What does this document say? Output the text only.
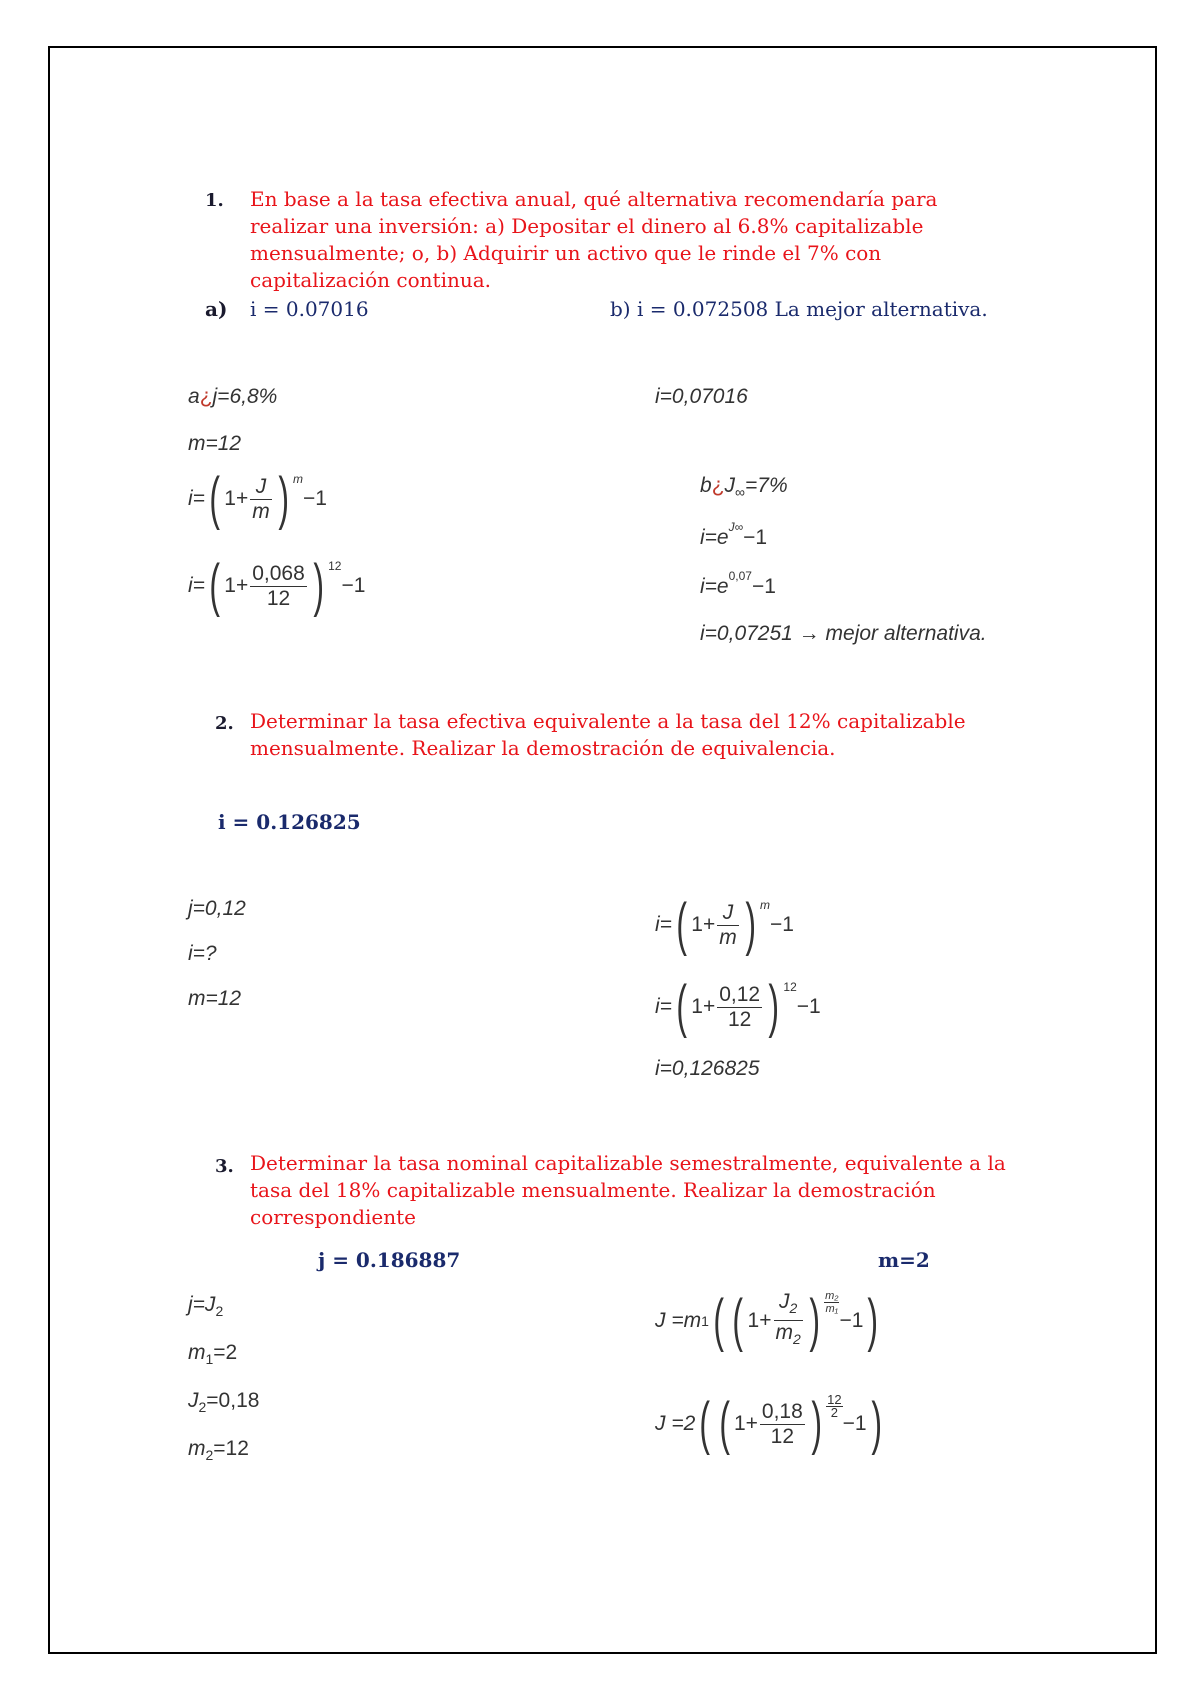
1. En base a la tasa efectiva anual, qué alternativa recomendaría para realizar una inversión: a) Depositar el dinero al 6.8% capitalizable mensualmente; o, b) Adquirir un activo que le rinde el 7% con capitalización continua.
a) i = 0.07016	b) i = 0.072508 La mejor alternativa.
a¿j=6,8%
m=12
i= ( $1+ \frac{J}{m}$ ) m
−1
i= ( $1+ \frac{0,068}{12}$ ) 12
−1
i=0,07016
$b¿J_\infty=7\%$
$i=e^{J\infty}-1$
$i=e^{0,07}-1$
i=0,07251 → mejor alternativa.
2. Determinar la tasa efectiva equivalente a la tasa del 12% capitalizable mensualmente. Realizar la demostración de equivalencia.
i = 0.126825
j=0,12
i=?
m=12
i= ( $1+ \frac{J}{m}$ ) m
−1
i= ( $1+ \frac{0,12}{12}$ ) 12
−1
i=0,126825
3. Determinar la tasa nominal capitalizable semestralmente, equivalente a la tasa del 18% capitalizable mensualmente. Realizar la demostración correspondiente
j = 0.186887	m=2
$j=J_2$
$m_1=2$
$J_2=0,18$
$m_2=12$
J =m 1 ( ( $1+ \frac{J_2}{m_2}$ ) m₂
m₁ −1 )
J =2 ( ( $1+ \frac{0,18}{12}$ ) 12
2 −1 )
